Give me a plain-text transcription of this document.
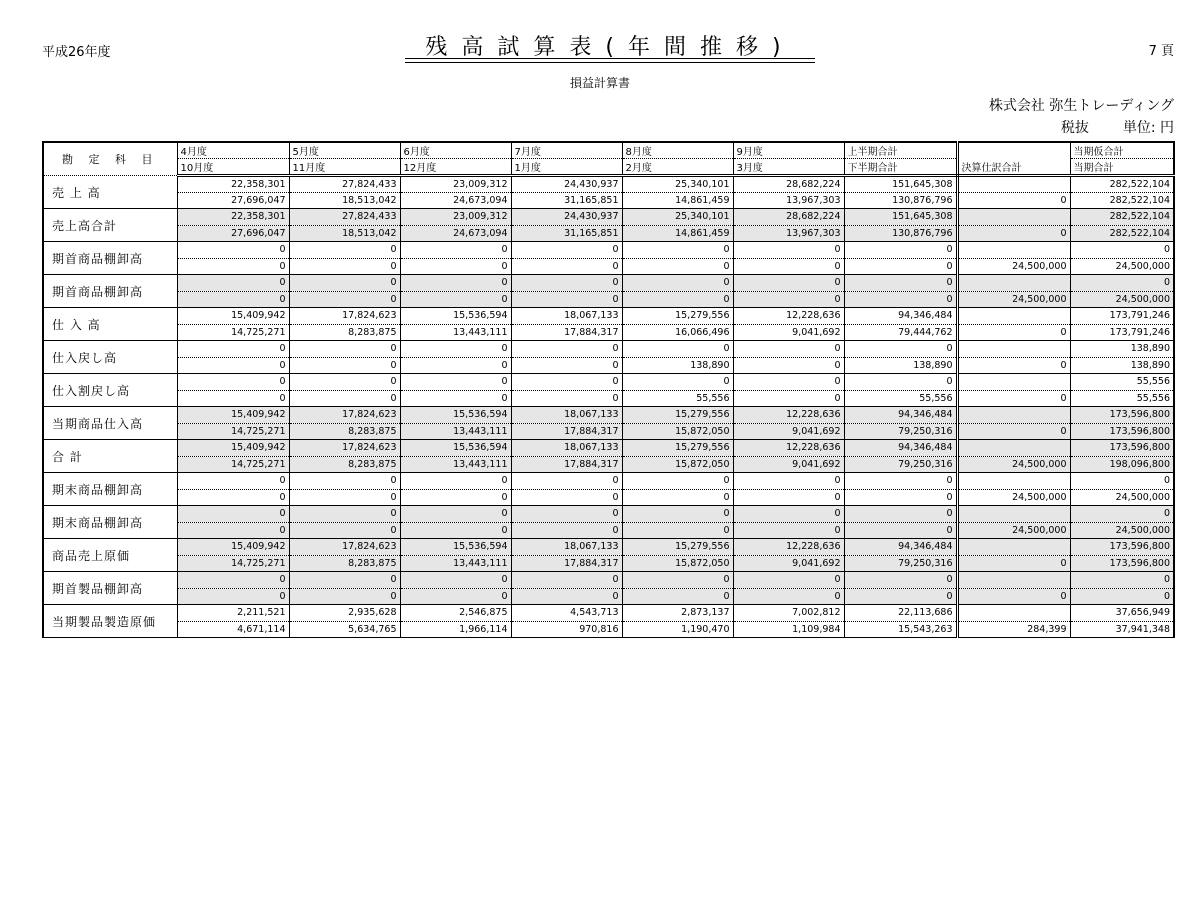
平成26年度	残高試算表(年間推移)
損益計算書
7 頁
株式会社 弥生トレーディング
税抜 単位: 円
勘 定 科 目	4月度	5月度	6月度	7月度	8月度	9月度	上半期合計		当期仮合計
	10月度	11月度	12月度	1月度	2月度	3月度	下半期合計	決算仕訳合計	当期合計
売 上 高	22,358,301	27,824,433	23,009,312	24,430,937	25,340,101	28,682,224	151,645,308		282,522,104
	27,696,047	18,513,042	24,673,094	31,165,851	14,861,459	13,967,303	130,876,796	0	282,522,104
売上高合計	22,358,301	27,824,433	23,009,312	24,430,937	25,340,101	28,682,224	151,645,308		282,522,104
	27,696,047	18,513,042	24,673,094	31,165,851	14,861,459	13,967,303	130,876,796	0	282,522,104
期首商品棚卸高	0	0	0	0	0	0	0		0
	0	0	0	0	0	0	0	24,500,000	24,500,000
期首商品棚卸高	0	0	0	0	0	0	0		0
	0	0	0	0	0	0	0	24,500,000	24,500,000
仕 入 高	15,409,942	17,824,623	15,536,594	18,067,133	15,279,556	12,228,636	94,346,484		173,791,246
	14,725,271	8,283,875	13,443,111	17,884,317	16,066,496	9,041,692	79,444,762	0	173,791,246
仕入戻し高	0	0	0	0	0	0	0		138,890
	0	0	0	0	138,890	0	138,890	0	138,890
仕入割戻し高	0	0	0	0	0	0	0		55,556
	0	0	0	0	55,556	0	55,556	0	55,556
当期商品仕入高	15,409,942	17,824,623	15,536,594	18,067,133	15,279,556	12,228,636	94,346,484		173,596,800
	14,725,271	8,283,875	13,443,111	17,884,317	15,872,050	9,041,692	79,250,316	0	173,596,800
合 計	15,409,942	17,824,623	15,536,594	18,067,133	15,279,556	12,228,636	94,346,484		173,596,800
	14,725,271	8,283,875	13,443,111	17,884,317	15,872,050	9,041,692	79,250,316	24,500,000	198,096,800
期末商品棚卸高	0	0	0	0	0	0	0		0
	0	0	0	0	0	0	0	24,500,000	24,500,000
期末商品棚卸高	0	0	0	0	0	0	0		0
	0	0	0	0	0	0	0	24,500,000	24,500,000
商品売上原価	15,409,942	17,824,623	15,536,594	18,067,133	15,279,556	12,228,636	94,346,484		173,596,800
	14,725,271	8,283,875	13,443,111	17,884,317	15,872,050	9,041,692	79,250,316	0	173,596,800
期首製品棚卸高	0	0	0	0	0	0	0		0
	0	0	0	0	0	0	0	0	0
当期製品製造原価	2,211,521	2,935,628	2,546,875	4,543,713	2,873,137	7,002,812	22,113,686		37,656,949
	4,671,114	5,634,765	1,966,114	970,816	1,190,470	1,109,984	15,543,263	284,399	37,941,348
